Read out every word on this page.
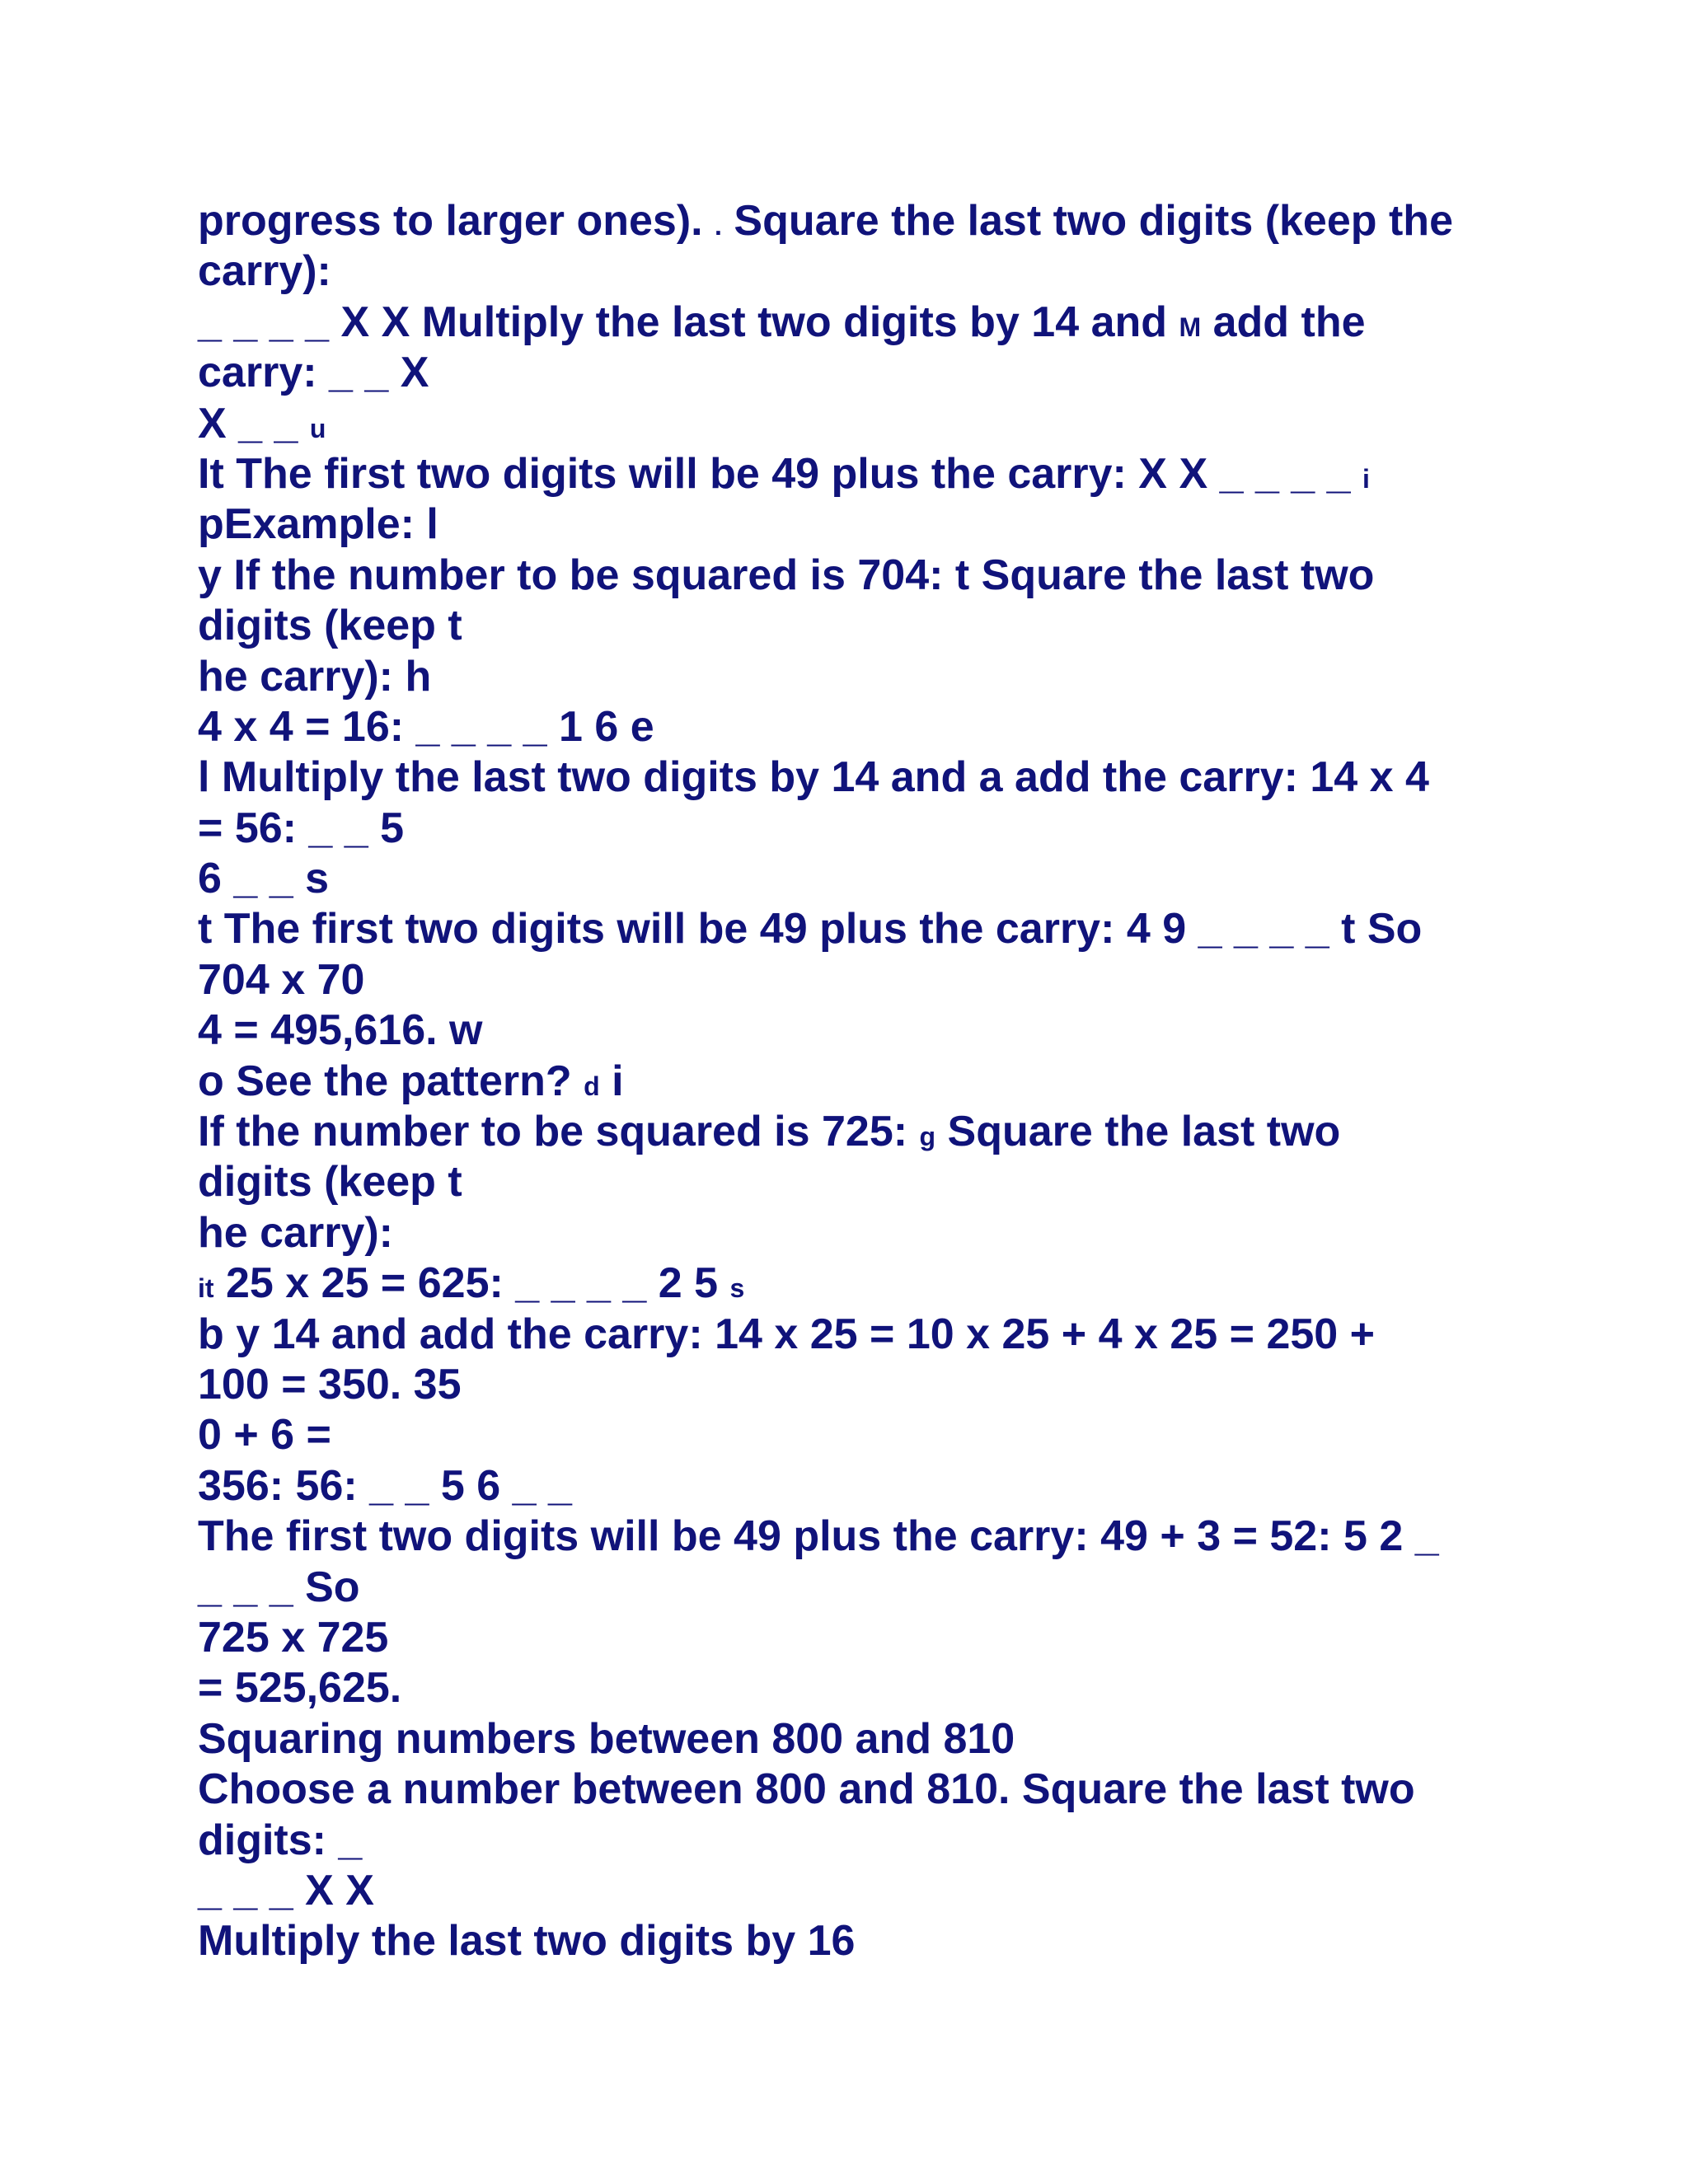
progress to larger ones). . Square the last two digits (keep the
carry):
_ _ _ _ X X Multiply the last two digits by 14 and M add the
carry: _ _ X
X _ _ u
It The first two digits will be 49 plus the carry: X X _ _ _ _ i
pExample: l
y If the number to be squared is 704: t Square the last two
digits (keep t
he carry): h
4 x 4 = 16: _ _ _ _ 1 6 e
l Multiply the last two digits by 14 and a add the carry: 14 x 4
= 56: _ _ 5
6 _ _ s
t The first two digits will be 49 plus the carry: 4 9 _ _ _ _ t So
704 x 70
4 = 495,616. w
o See the pattern? d i
If the number to be squared is 725: g Square the last two
digits (keep t
he carry):
it 25 x 25 = 625: _ _ _ _ 2 5 s
b y 14 and add the carry: 14 x 25 = 10 x 25 + 4 x 25 = 250 +
100 = 350. 35
0 + 6 =
356: 56: _ _ 5 6 _ _
The first two digits will be 49 plus the carry: 49 + 3 = 52: 5 2 _
_ _ _ So
725 x 725
= 525,625.
Squaring numbers between 800 and 810
Choose a number between 800 and 810. Square the last two
digits: _
_ _ _ X X
Multiply the last two digits by 16
